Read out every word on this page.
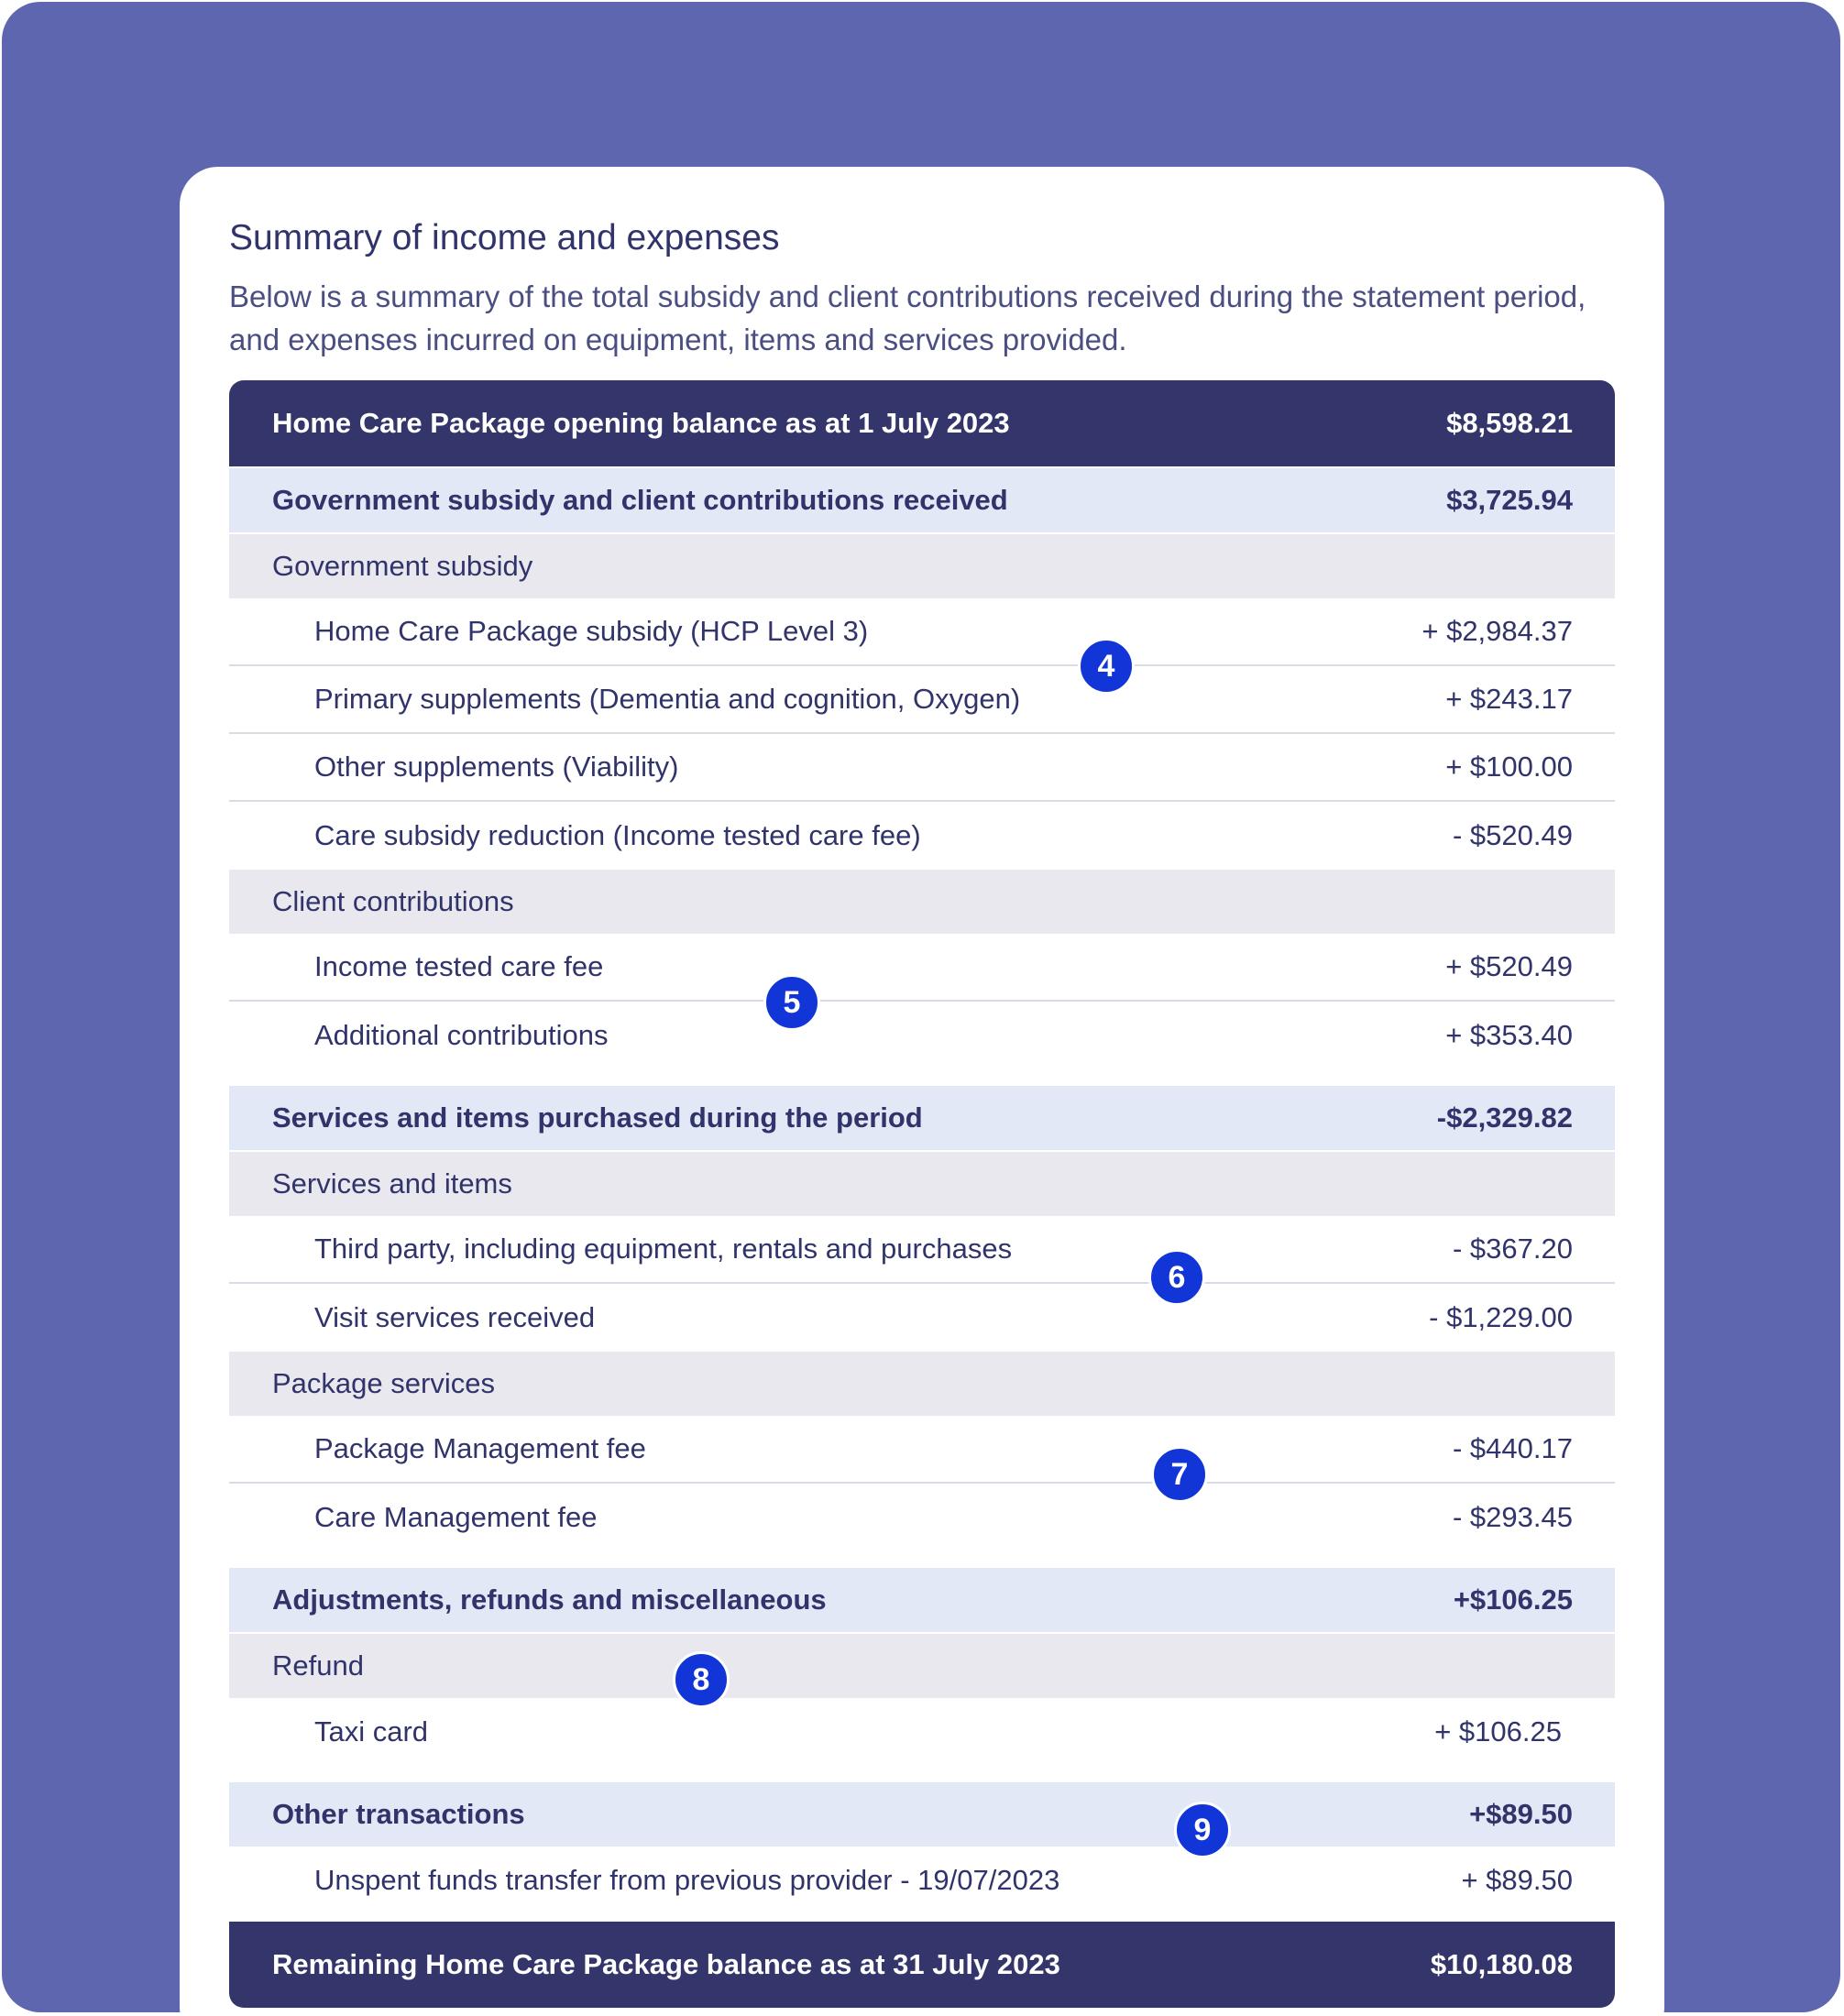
Summary of income and expenses

Below is a summary of the total subsidy and client contributions received during the statement period, and expenses incurred on equipment, items and services provided.

Home Care Package opening balance as at 1 July 2023	$8,598.21
Government subsidy and client contributions received	$3,725.94
Government subsidy
Home Care Package subsidy (HCP Level 3)	+ $2,984.37
Primary supplements (Dementia and cognition, Oxygen)	+ $243.17
Other supplements (Viability)	+ $100.00
Care subsidy reduction (Income tested care fee)	- $520.49
Client contributions
Income tested care fee	+ $520.49
Additional contributions	+ $353.40
Services and items purchased during the period	-$2,329.82
Services and items
Third party, including equipment, rentals and purchases	- $367.20
Visit services received	- $1,229.00
Package services
Package Management fee	- $440.17
Care Management fee	- $293.45
Adjustments, refunds and miscellaneous	+$106.25
Refund
Taxi card	+ $106.25
Other transactions	+$89.50
Unspent funds transfer from previous provider - 19/07/2023	+ $89.50
Remaining Home Care Package balance as at 31 July 2023	$10,180.08
4
5
6
7
8
9
